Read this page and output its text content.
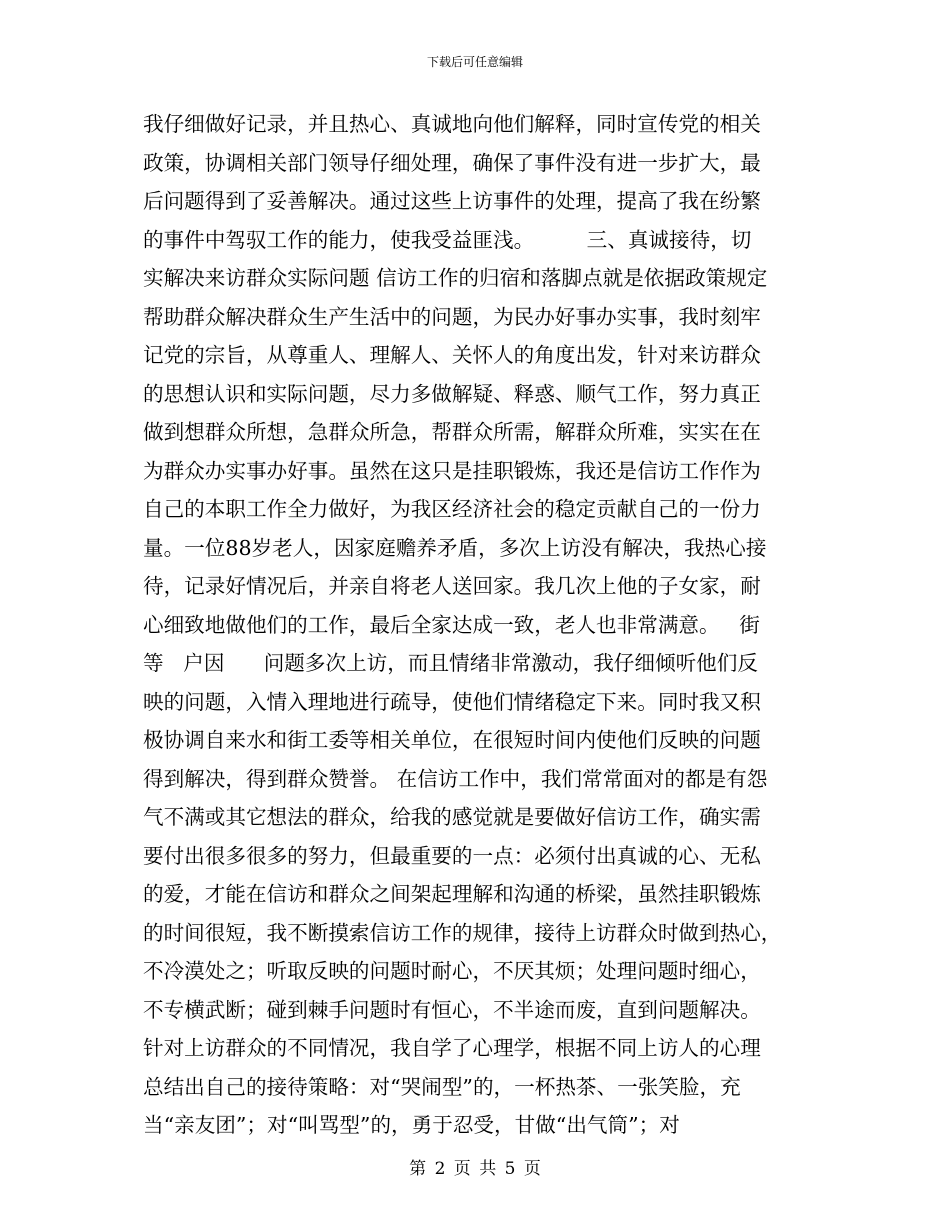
下载后可任意编辑
我仔细做好记录，并且热心、真诚地向他们解释，同时宣传党的相关
政策，协调相关部门领导仔细处理，确保了事件没有进一步扩大，最
后问题得到了妥善解决。通过这些上访事件的处理，提高了我在纷繁
的事件中驾驭工作的能力，使我受益匪浅。        三、真诚接待，切
实解决来访群众实际问题 信访工作的归宿和落脚点就是依据政策规定
帮助群众解决群众生产生活中的问题，为民办好事办实事，我时刻牢
记党的宗旨，从尊重人、理解人、关怀人的角度出发，针对来访群众
的思想认识和实际问题，尽力多做解疑、释惑、顺气工作，努力真正
做到想群众所想，急群众所急，帮群众所需，解群众所难，实实在在
为群众办实事办好事。虽然在这只是挂职锻炼，我还是信访工作作为
自己的本职工作全力做好，为我区经济社会的稳定贡献自己的一份力
量。一位88岁老人，因家庭赡养矛盾，多次上访没有解决，我热心接
待，记录好情况后，并亲自将老人送回家。我几次上他的子女家，耐
心细致地做他们的工作，最后全家达成一致，老人也非常满意。   街
等   户因      问题多次上访，而且情绪非常激动，我仔细倾听他们反
映的问题，入情入理地进行疏导，使他们情绪稳定下来。同时我又积
极协调自来水和街工委等相关单位，在很短时间内使他们反映的问题
得到解决，得到群众赞誉。 在信访工作中，我们常常面对的都是有怨
气不满或其它想法的群众，给我的感觉就是要做好信访工作，确实需
要付出很多很多的努力，但最重要的一点：必须付出真诚的心、无私
的爱，才能在信访和群众之间架起理解和沟通的桥梁，虽然挂职锻炼
的时间很短，我不断摸索信访工作的规律，接待上访群众时做到热心，
不冷漠处之；听取反映的问题时耐心，不厌其烦；处理问题时细心，
不专横武断；碰到棘手问题时有恒心，不半途而废，直到问题解决。
针对上访群众的不同情况，我自学了心理学，根据不同上访人的心理
总结出自己的接待策略：对“哭闹型”的，一杯热茶、一张笑脸，充
当“亲友团”；对“叫骂型”的，勇于忍受，甘做“出气筒”；对
第 2 页 共 5 页
